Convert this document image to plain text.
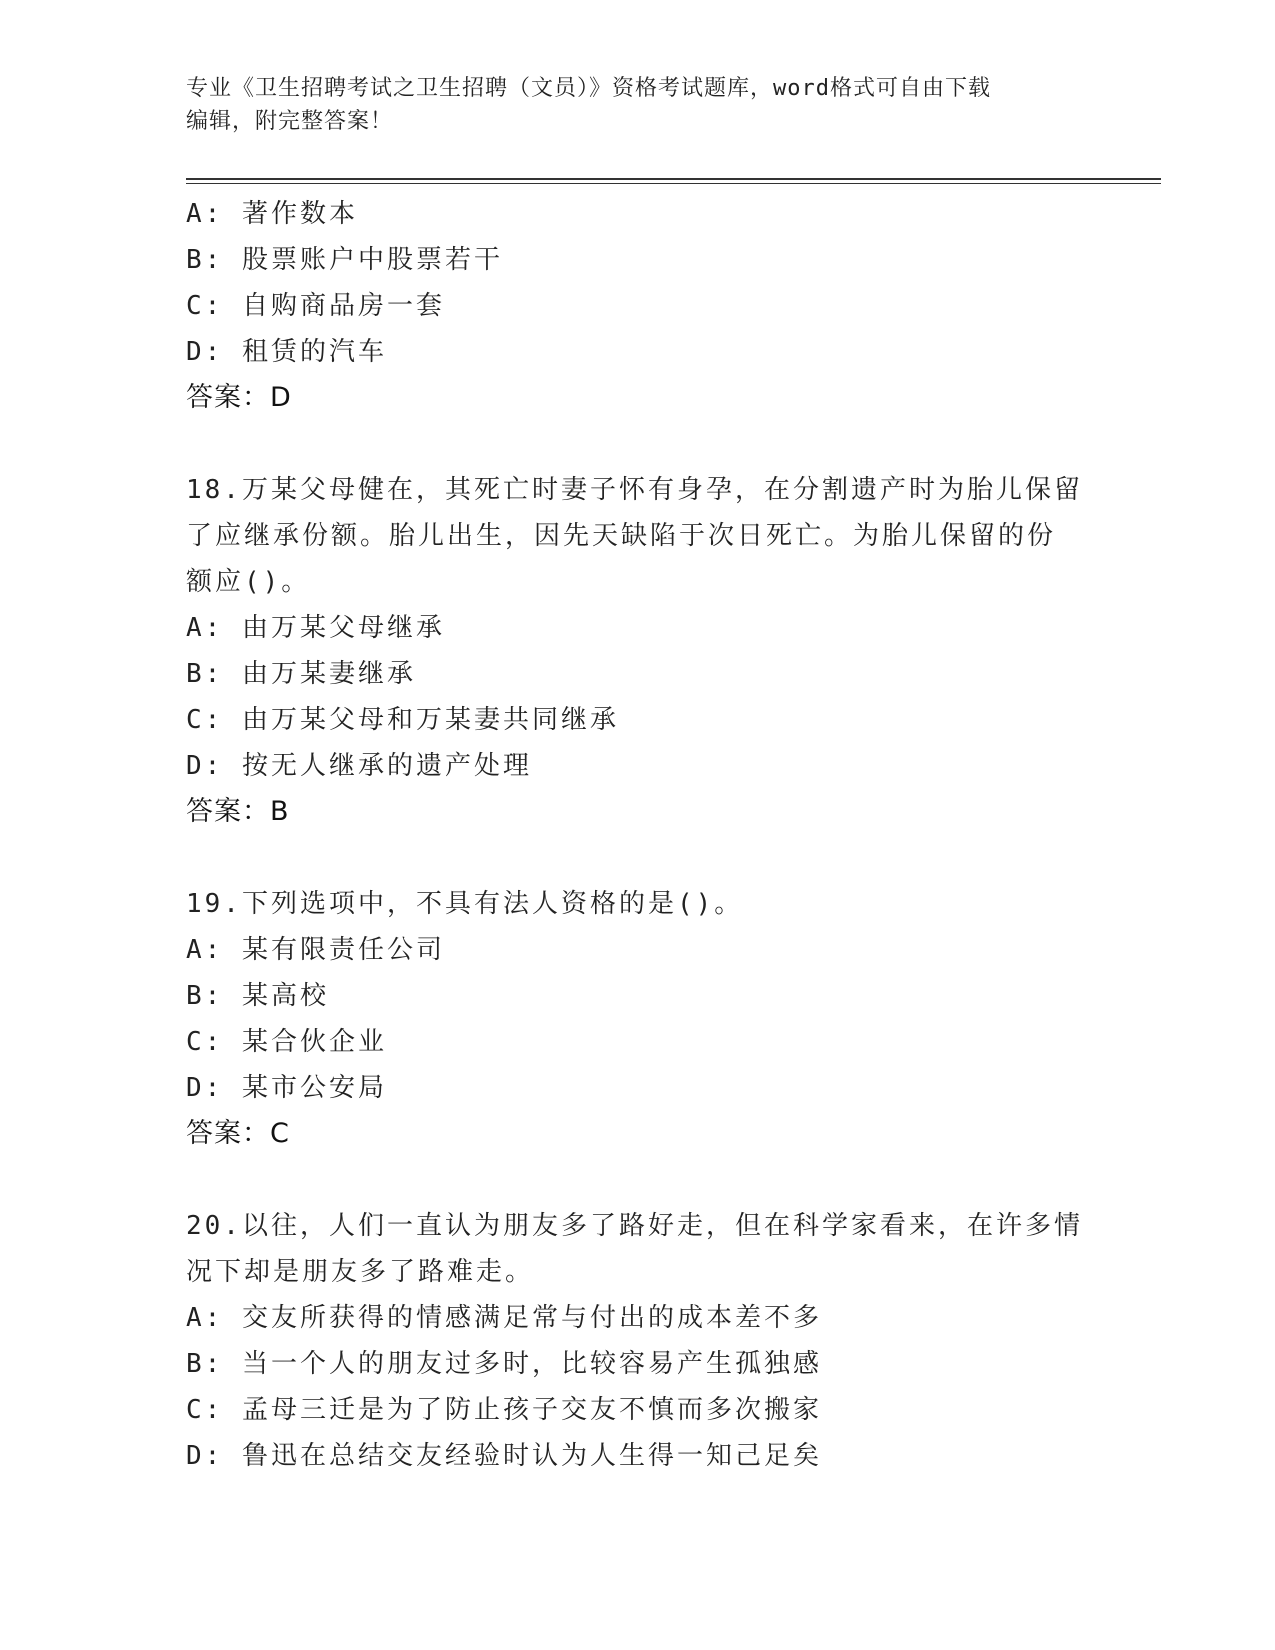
专业《卫生招聘考试之卫生招聘（文员）》资格考试题库，word格式可自由下载
编辑，附完整答案！
A: 著作数本
B: 股票账户中股票若干
C: 自购商品房一套
D: 租赁的汽车
答案：D
18.万某父母健在，其死亡时妻子怀有身孕，在分割遗产时为胎儿保留
了应继承份额。胎儿出生，因先天缺陷于次日死亡。为胎儿保留的份
额应()。
A: 由万某父母继承
B: 由万某妻继承
C: 由万某父母和万某妻共同继承
D: 按无人继承的遗产处理
答案：B
19.下列选项中，不具有法人资格的是()。
A: 某有限责任公司
B: 某高校
C: 某合伙企业
D: 某市公安局
答案：C
20.以往，人们一直认为朋友多了路好走，但在科学家看来，在许多情
况下却是朋友多了路难走。
A: 交友所获得的情感满足常与付出的成本差不多
B: 当一个人的朋友过多时，比较容易产生孤独感
C: 孟母三迁是为了防止孩子交友不慎而多次搬家
D: 鲁迅在总结交友经验时认为人生得一知己足矣
